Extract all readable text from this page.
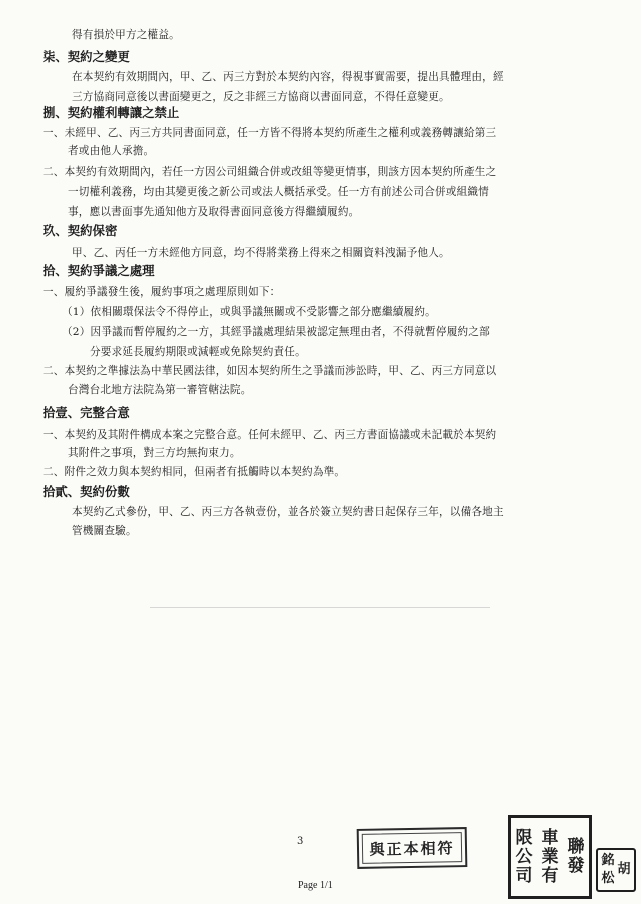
得有損於甲方之權益。
柒、契約之變更
在本契約有效期間內，甲、乙、丙三方對於本契約內容，得視事實需要，提出具體理由，經
三方協商同意後以書面變更之，反之非經三方協商以書面同意，不得任意變更。
捌、契約權利轉讓之禁止
一、未經甲、乙、丙三方共同書面同意，任一方皆不得將本契約所產生之權利或義務轉讓給第三
者或由他人承擔。
二、本契約有效期間內，若任一方因公司組織合併或改組等變更情事，則該方因本契約所產生之
一切權利義務，均由其變更後之新公司或法人概括承受。任一方有前述公司合併或組織情
事，應以書面事先通知他方及取得書面同意後方得繼續履約。
玖、契約保密
甲、乙、丙任一方未經他方同意，均不得將業務上得來之相關資料洩漏予他人。
拾、契約爭議之處理
一、履約爭議發生後，履約事項之處理原則如下：
（1）依相關環保法令不得停止，或與爭議無關或不受影響之部分應繼續履約。
（2）因爭議而暫停履約之一方，其經爭議處理結果被認定無理由者，不得就暫停履約之部
分要求延長履約期限或減輕或免除契約責任。
二、本契約之準據法為中華民國法律，如因本契約所生之爭議而涉訟時，甲、乙、丙三方同意以
台灣台北地方法院為第一審管轄法院。
拾壹、完整合意
一、本契約及其附件構成本案之完整合意。任何未經甲、乙、丙三方書面協議或未記載於本契約
其附件之事項，對三方均無拘束力。
二、附件之效力與本契約相同，但兩者有抵觸時以本契約為準。
拾貳、契約份數
本契約乙式參份，甲、乙、丙三方各執壹份，並各於簽立契約書日起保存三年，以備各地主
管機關查驗。
3	與正本相符
限
公
司
車
業
有
聯
發 銘
松
胡
Page 1/1
